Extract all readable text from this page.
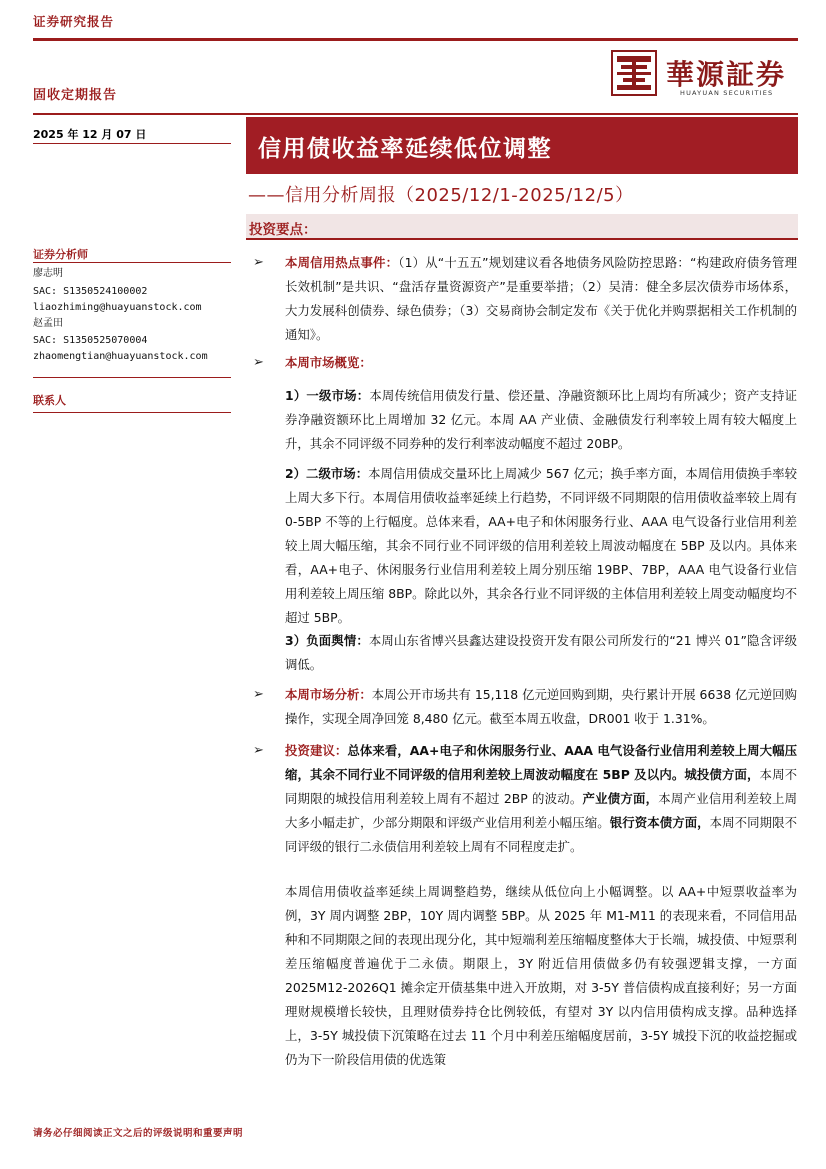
证券研究报告
固收定期报告
2025 年 12 月 07 日
華源証券
HUAYUAN SECURITIES
信用债收益率延续低位调整
——信用分析周报（2025/12/1-2025/12/5）
投资要点：
证券分析师
廖志明
SAC: S1350524100002
liaozhiming@huayuanstock.com
赵孟田
SAC: S1350525070004
zhaomengtian@huayuanstock.com
联系人
➢ 本周信用热点事件：（1）从“十五五”规划建议看各地债务风险防控思路：“构建政府债务管理长效机制”是共识、“盘活存量资源资产”是重要举措；（2）吴清：健全多层次债券市场体系，大力发展科创债券、绿色债券；（3）交易商协会制定发布《关于优化并购票据相关工作机制的通知》。
➢ 本周市场概览：
1）一级市场：本周传统信用债发行量、偿还量、净融资额环比上周均有所减少；资产支持证券净融资额环比上周增加 32 亿元。本周 AA 产业债、金融债发行利率较上周有较大幅度上升，其余不同评级不同券种的发行利率波动幅度不超过 20BP。
2）二级市场：本周信用债成交量环比上周减少 567 亿元；换手率方面，本周信用债换手率较上周大多下行。本周信用债收益率延续上行趋势，不同评级不同期限的信用债收益率较上周有 0-5BP 不等的上行幅度。总体来看，AA+电子和休闲服务行业、AAA 电气设备行业信用利差较上周大幅压缩，其余不同行业不同评级的信用利差较上周波动幅度在 5BP 及以内。具体来看，AA+电子、休闲服务行业信用利差较上周分别压缩 19BP、7BP，AAA 电气设备行业信用利差较上周压缩 8BP。除此以外，其余各行业不同评级的主体信用利差较上周变动幅度均不超过 5BP。
3）负面舆情：本周山东省博兴县鑫达建设投资开发有限公司所发行的“21 博兴 01”隐含评级调低。
➢ 本周市场分析：本周公开市场共有 15,118 亿元逆回购到期，央行累计开展 6638 亿元逆回购操作，实现全周净回笼 8,480 亿元。截至本周五收盘，DR001 收于 1.31%。
➢ 投资建议：总体来看，AA+电子和休闲服务行业、AAA 电气设备行业信用利差较上周大幅压缩，其余不同行业不同评级的信用利差较上周波动幅度在 5BP 及以内。城投债方面，本周不同期限的城投信用利差较上周有不超过 2BP 的波动。产业债方面，本周产业信用利差较上周大多小幅走扩，少部分期限和评级产业信用利差小幅压缩。银行资本债方面，本周不同期限不同评级的银行二永债信用利差较上周有不同程度走扩。
本周信用债收益率延续上周调整趋势，继续从低位向上小幅调整。以 AA+中短票收益率为例，3Y 周内调整 2BP，10Y 周内调整 5BP。从 2025 年 M1-M11 的表现来看，不同信用品种和不同期限之间的表现出现分化，其中短端利差压缩幅度整体大于长端，城投债、中短票利差压缩幅度普遍优于二永债。期限上，3Y 附近信用债做多仍有较强逻辑支撑，一方面 2025M12-2026Q1 摊余定开债基集中进入开放期，对 3-5Y 普信债构成直接利好；另一方面理财规模增长较快，且理财债券持仓比例较低，有望对 3Y 以内信用债构成支撑。品种选择上，3-5Y 城投债下沉策略在过去 11 个月中利差压缩幅度居前，3-5Y 城投下沉的收益挖掘或仍为下一阶段信用债的优选策
请务必仔细阅读正文之后的评级说明和重要声明
